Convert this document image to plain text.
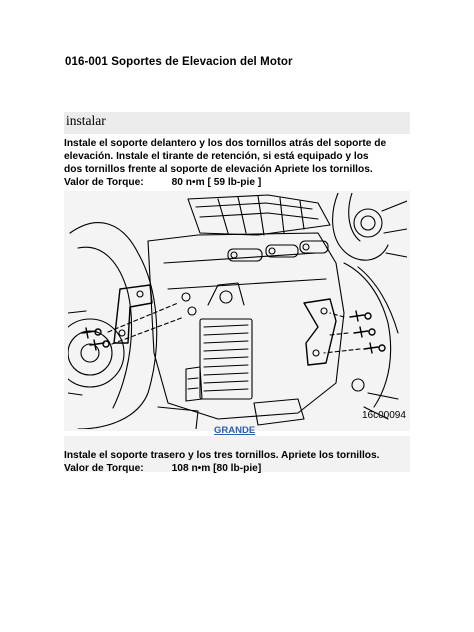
016-001 Soportes de Elevacion del Motor
instalar
Instale el soporte delantero y los dos tornillos atrás del soporte de
elevación. Instale el tirante de retención, si está equipado y los
dos tornillos frente al soporte de elevación Apriete los tornillos.
Valor de Torque:	80 n•m [ 59 lb-pie ]
16c00094
GRANDE
Instale el soporte trasero y los tres tornillos. Apriete los tornillos.
Valor de Torque:	108 n•m [80 lb-pie]
